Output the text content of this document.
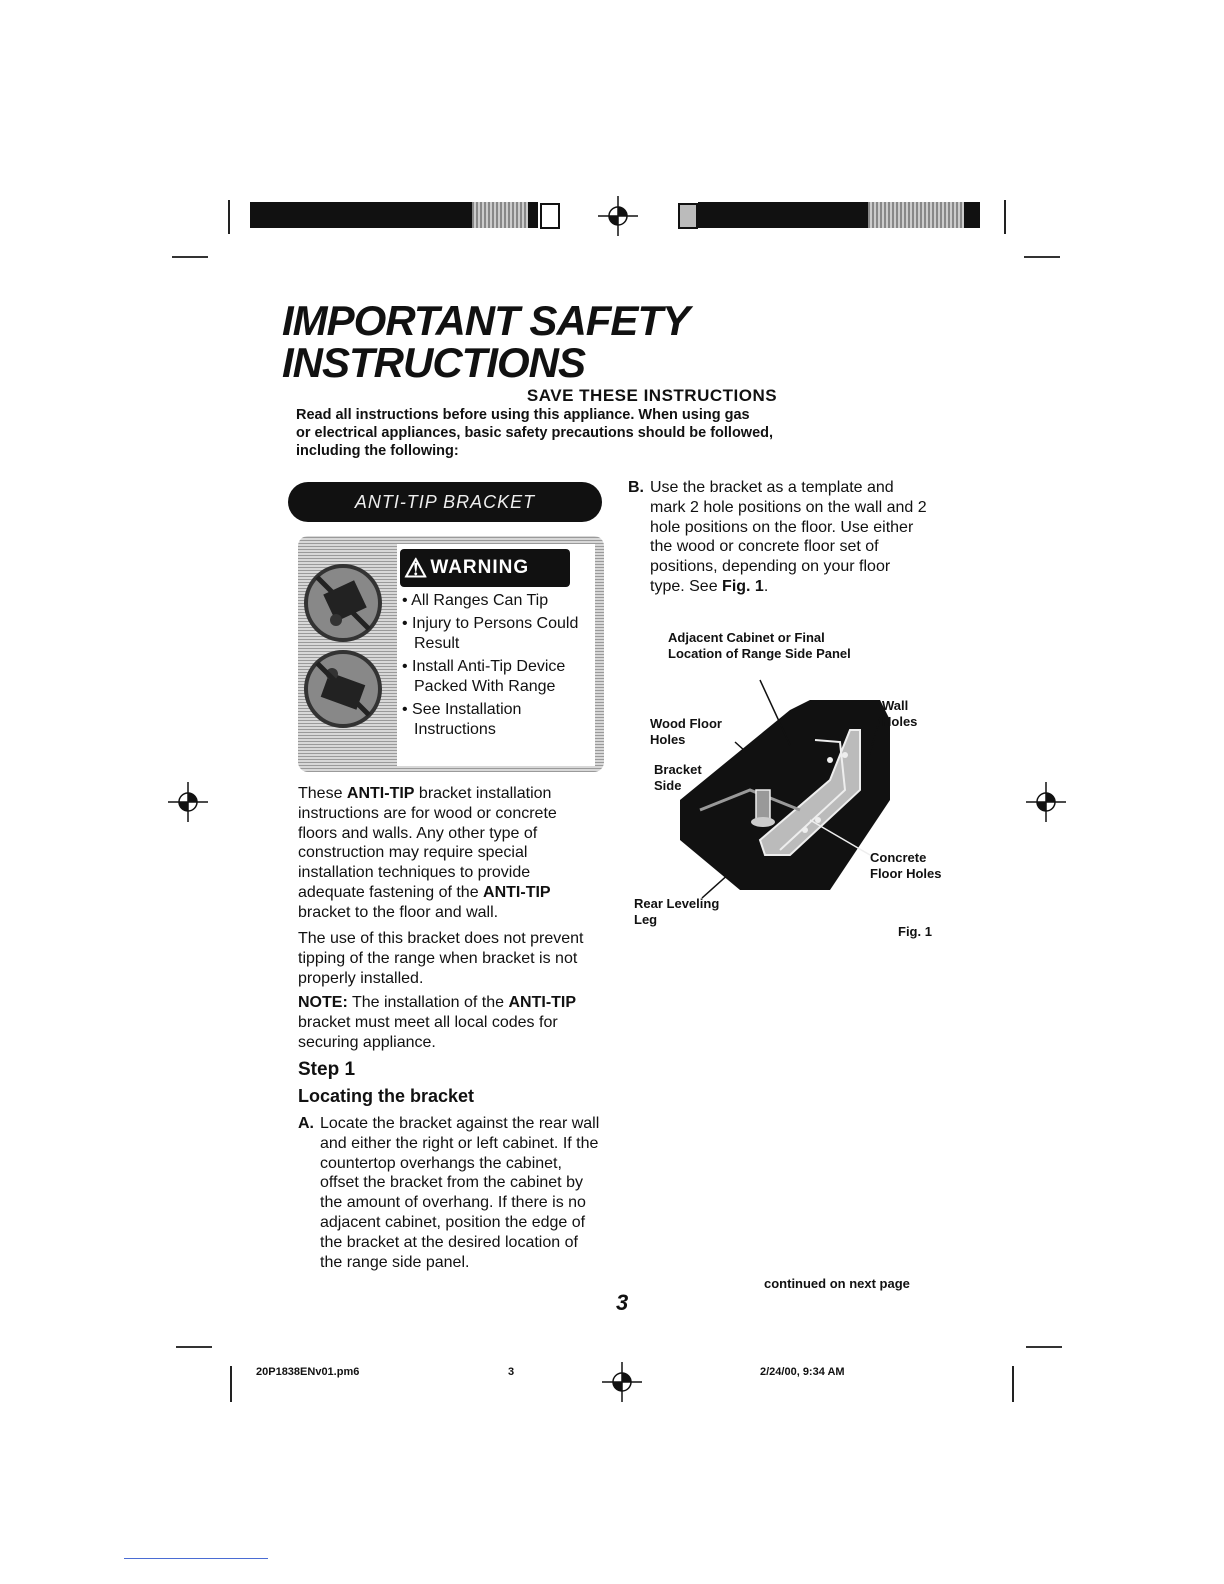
IMPORTANT SAFETY
INSTRUCTIONS
SAVE THESE INSTRUCTIONS
Read all instructions before using this appliance. When using gas
or electrical appliances, basic safety precautions should be followed,
including the following:
ANTI-TIP BRACKET
⚠ WARNING
• All Ranges Can Tip
• Injury to Persons Could Result
• Install Anti-Tip Device Packed With Range
• See Installation Instructions
These ANTI-TIP bracket installation instructions are for wood or concrete floors and walls. Any other type of construction may require special installation techniques to provide adequate fastening of the ANTI-TIP bracket to the floor and wall.
The use of this bracket does not prevent tipping of the range when bracket is not properly installed.
NOTE: The installation of the ANTI-TIP bracket must meet all local codes for securing appliance.
Step 1
Locating the bracket
A. Locate the bracket against the rear wall and either the right or left cabinet. If the countertop overhangs the cabinet, offset the bracket from the cabinet by the amount of overhang. If there is no adjacent cabinet, position the edge of the bracket at the desired location of the range side panel.
B. Use the bracket as a template and mark 2 hole positions on the wall and 2 hole positions on the floor. Use either the wood or concrete floor set of positions, depending on your floor type. See Fig. 1.
Adjacent Cabinet or Final Location of Range Side Panel
Wall Holes
Wood Floor Holes
Bracket Side
Concrete Floor Holes
Rear Leveling Leg
Fig. 1
continued on next page
3
20P1838ENv01.pm6	3	2/24/00, 9:34 AM
